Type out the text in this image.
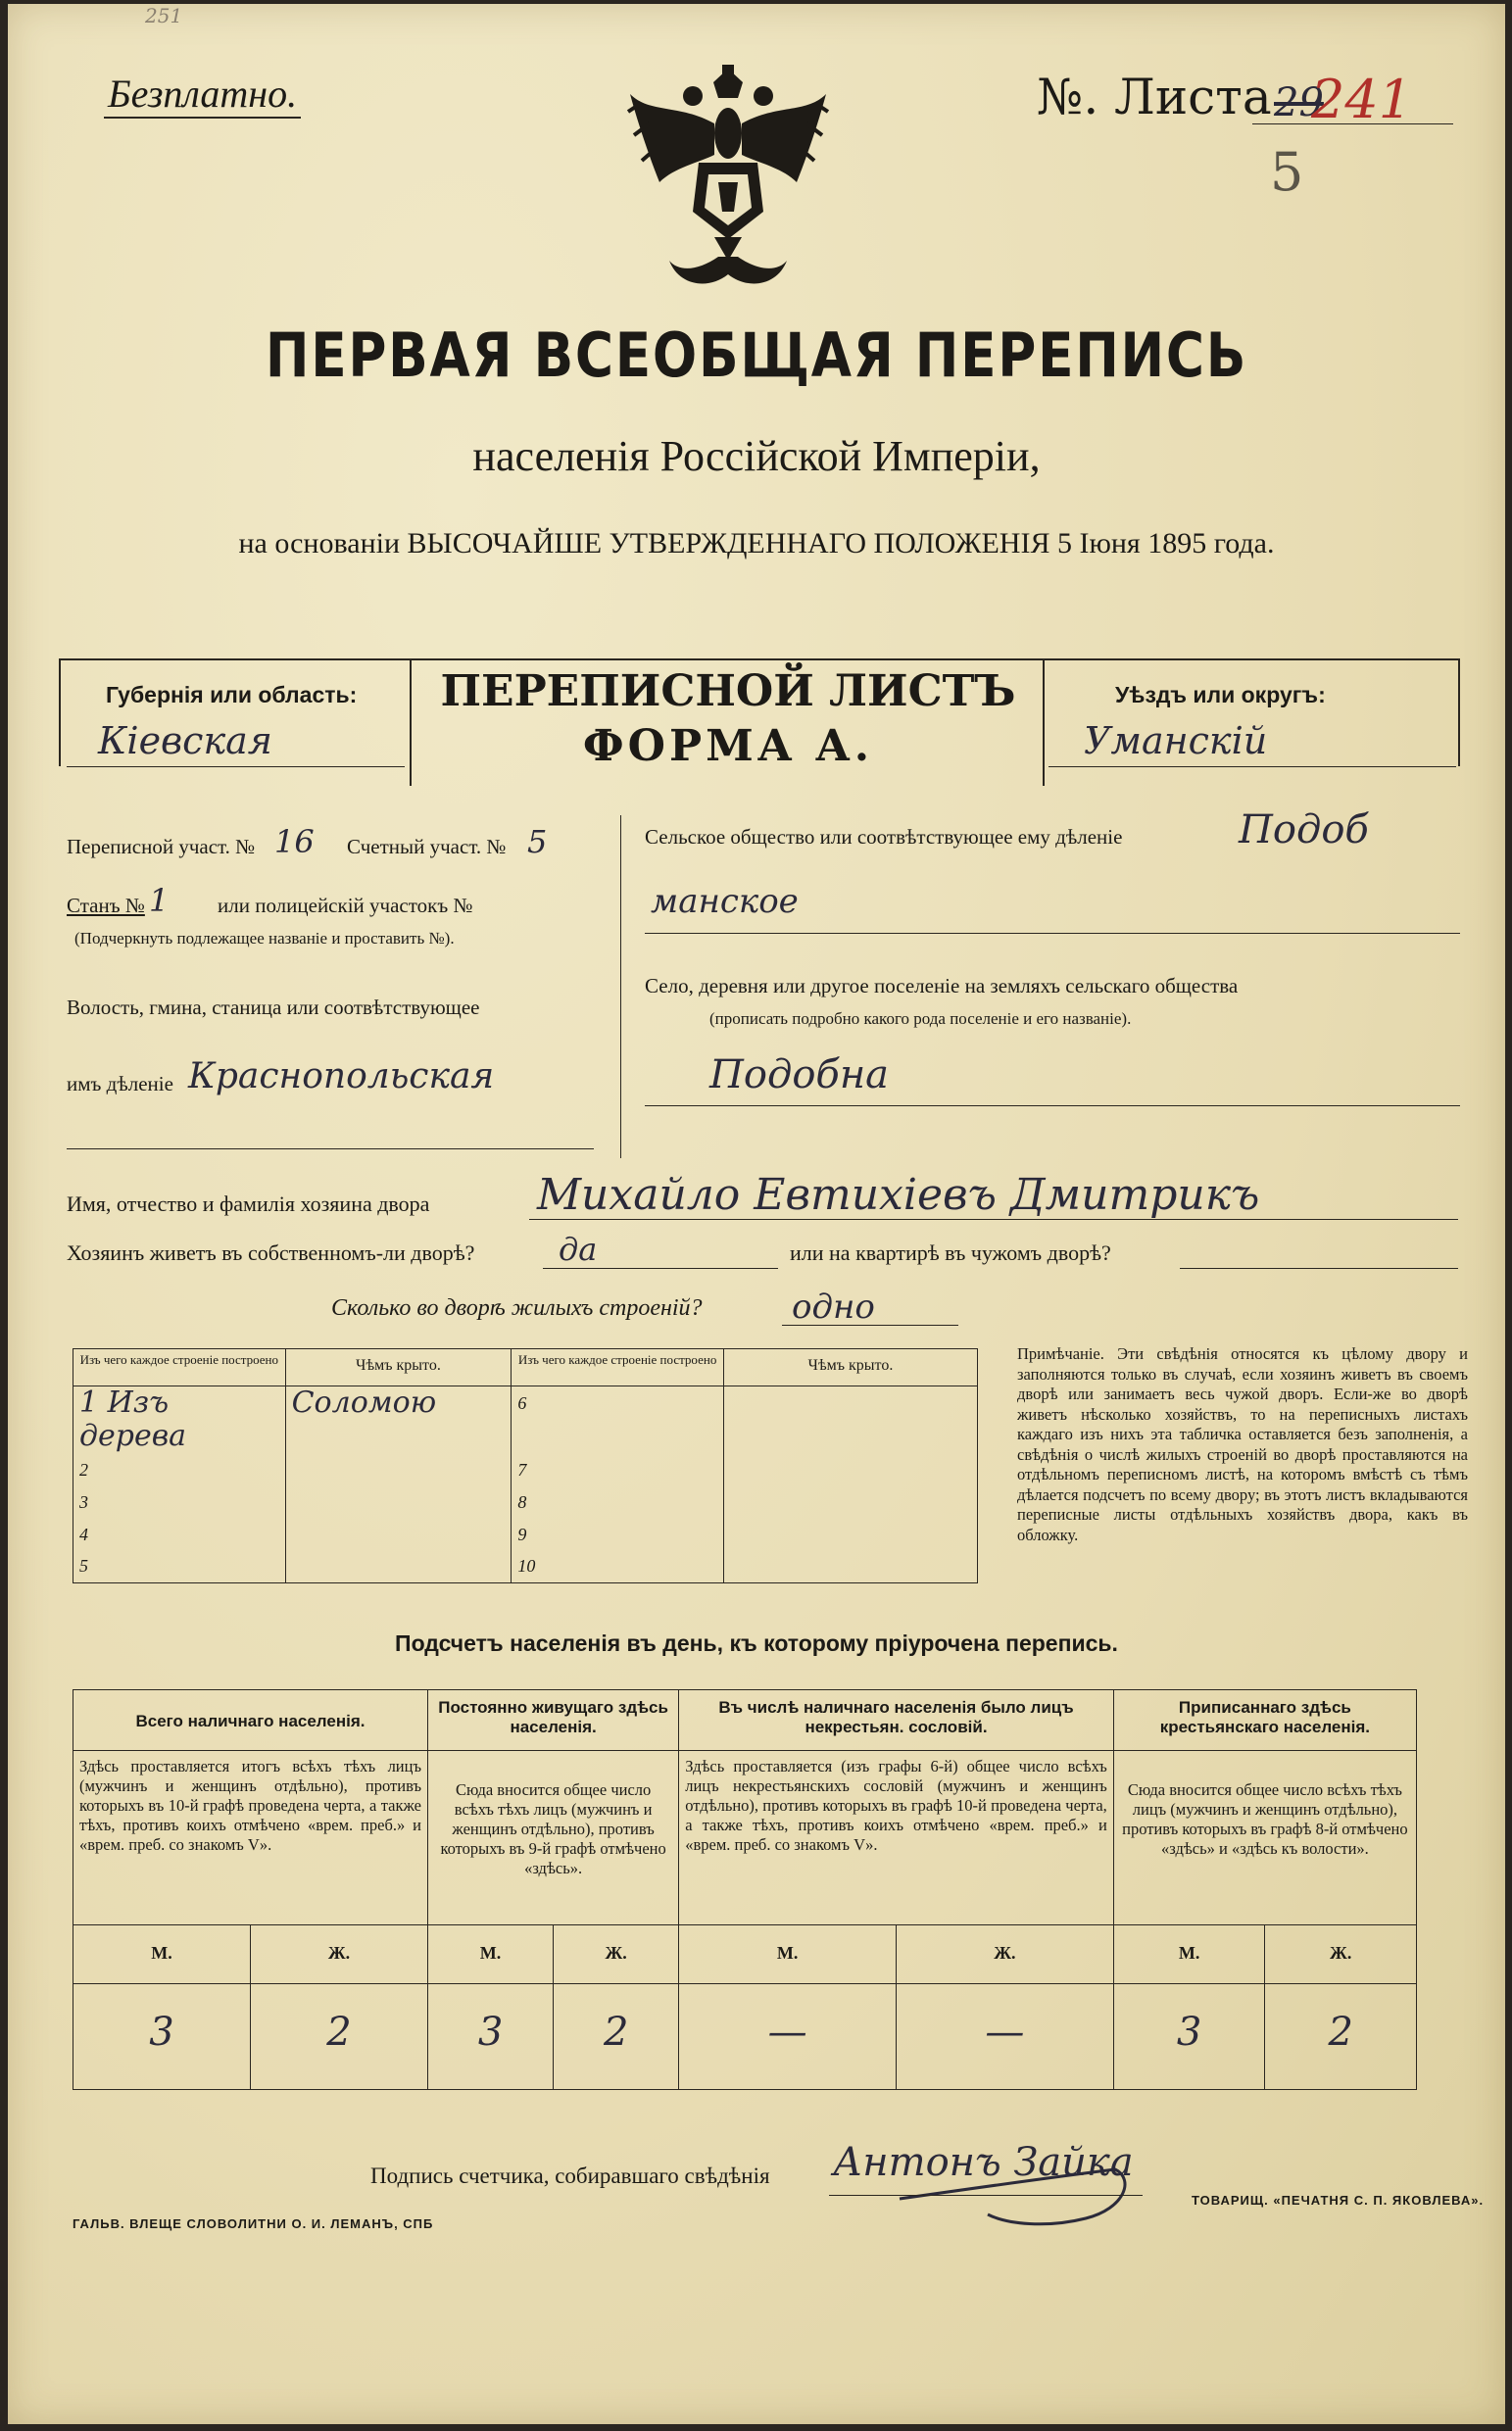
251
Безплатно.	№. Листа 29
241
5
ПЕРВАЯ ВСЕОБЩАЯ ПЕРЕПИСЬ
населенія Россійской Имперіи,
на основаніи ВЫСОЧАЙШЕ УТВЕРЖДЕННАГО ПОЛОЖЕНІЯ 5 Іюня 1895 года.
Губернія или область:
Кіевская
ПЕРЕПИСНОЙ ЛИСТЪ
ФОРМА А.
Уѣздъ или округъ:
Уманскій
Переписной участ. № 16 Счетный участ. № 5
Станъ № 1 или полицейскій участокъ №
(Подчеркнуть подлежащее названіе и проставить №).
Волость, гмина, станица или соотвѣтствующее
имъ дѣленіе Краснопольская
Сельское общество или соотвѣтствующее ему дѣленіе	Подоб
манское
Село, деревня или другое поселеніе на земляхъ сельскаго общества
(прописать подробно какого рода поселеніе и его названіе).
Подобна
Имя, отчество и фамилія хозяина двора Михайло Евтихіевъ Дмитрикъ
Хозяинъ живетъ въ собственномъ-ли дворѣ?	да	или на квартирѣ въ чужомъ дворѣ?
Сколько во дворѣ жилыхъ строеній?	одно
Изъ чего каждое строеніе построено	Чѣмъ крыто.	Изъ чего каждое строеніе построено	Чѣмъ крыто.
1 Изъ дерева	Соломою	6	
2		7	
3		8	
4		9	
5		10	
Примѣчаніе. Эти свѣдѣнія относятся къ цѣлому двору и заполняются только въ случаѣ, если хозяинъ живетъ въ своемъ дворѣ или занимаетъ весь чужой дворъ. Если-же во дворѣ живетъ нѣсколько хозяйствъ, то на переписныхъ листахъ каждаго изъ нихъ эта табличка оставляется безъ заполненія, а свѣдѣнія о числѣ жилыхъ строеній во дворѣ проставляются на отдѣльномъ переписномъ листѣ, на которомъ вмѣстѣ съ тѣмъ дѣлается подсчетъ по всему двору; въ этотъ листъ вкладываются переписные листы отдѣльныхъ хозяйствъ двора, какъ въ обложку.
Подсчетъ населенія въ день, къ которому пріурочена перепись.
Всего наличнаго населенія.		Постоянно живущаго здѣсь населенія.		Въ числѣ наличнаго населенія было лицъ некрестьян. сословій.		Приписаннаго здѣсь крестьянскаго населенія.	
Здѣсь проставляется итогъ всѣхъ тѣхъ лицъ (мужчинъ и женщинъ отдѣльно), противъ которыхъ въ 10-й графѣ проведена черта, а также тѣхъ, противъ коихъ отмѣчено «врем. преб.» и «врем. преб. со знакомъ V».		Сюда вносится общее число всѣхъ тѣхъ лицъ (мужчинъ и женщинъ отдѣльно), противъ которыхъ въ 9-й графѣ отмѣчено «здѣсь».		Здѣсь проставляется (изъ графы 6-й) общее число всѣхъ лицъ некрестьянскихъ сословій (мужчинъ и женщинъ отдѣльно), противъ которыхъ въ графѣ 10-й проведена черта, а также тѣхъ, противъ коихъ отмѣчено «врем. преб.» и «врем. преб. со знакомъ V».		Сюда вносится общее число всѣхъ тѣхъ лицъ (мужчинъ и женщинъ отдѣльно), противъ которыхъ въ графѣ 8-й отмѣчено «здѣсь» и «здѣсь къ волости».	
М.	Ж.	М.	Ж.	М.	Ж.	М.	Ж.
3	2	3	2	—	—	3	2
Подпись счетчика, собиравшаго свѣдѣнія Антонъ Зайка
ГАЛЬВ. ВЛЕЩЕ СЛОВОЛИТНИ О. И. ЛЕМАНЪ, СПБ
ТОВАРИЩ. «ПЕЧАТНЯ С. П. ЯКОВЛЕВА».
